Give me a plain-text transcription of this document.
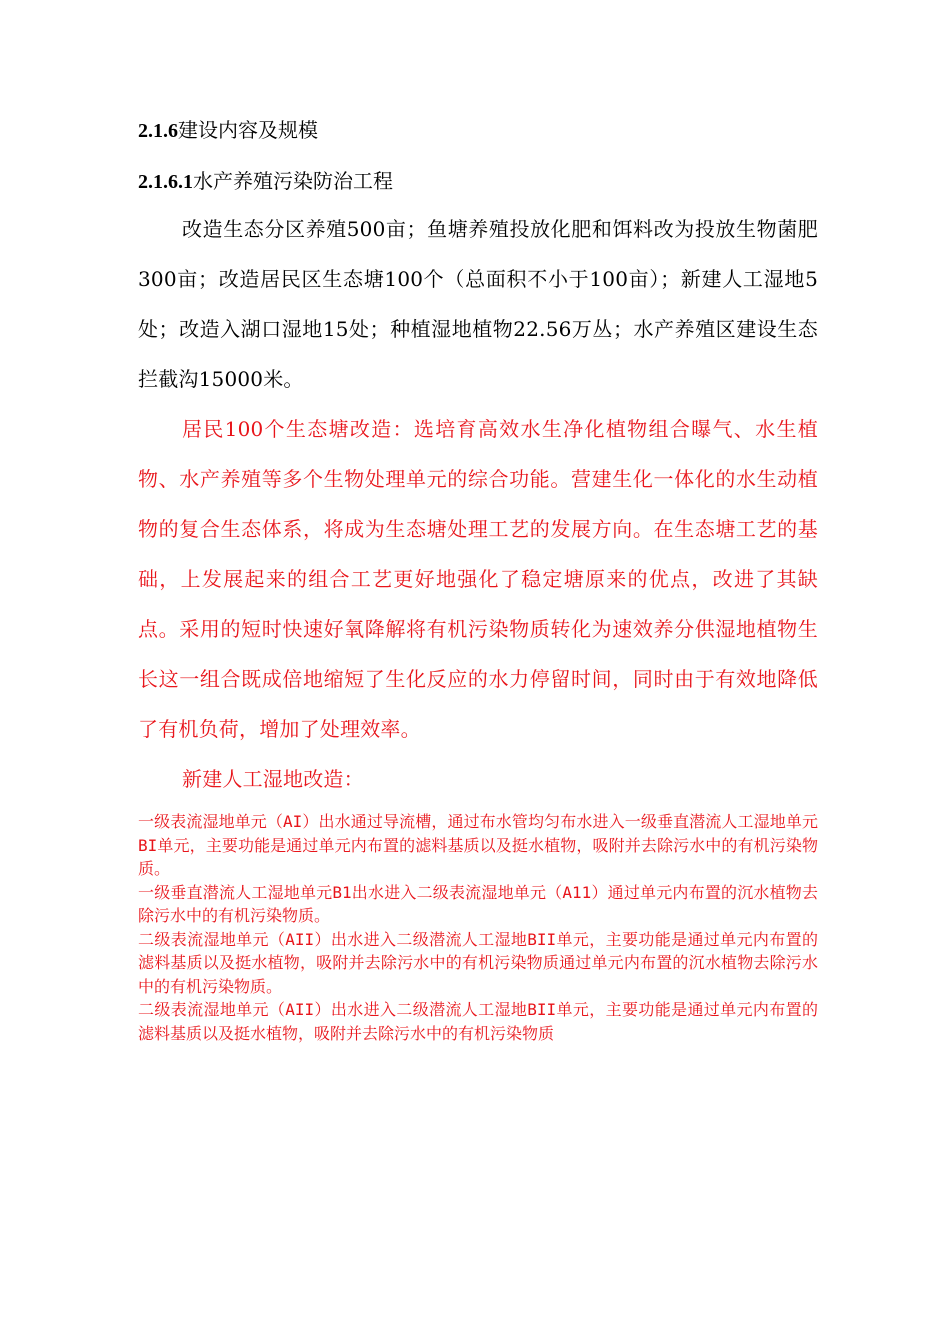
2.1.6建设内容及规模

2.1.6.1水产养殖污染防治工程

改造生态分区养殖500亩；鱼塘养殖投放化肥和饵料改为投放生物菌肥300亩；改造居民区生态塘100个（总面积不小于100亩）；新建人工湿地5处；改造入湖口湿地15处；种植湿地植物22.56万丛；水产养殖区建设生态拦截沟15000米。

居民100个生态塘改造：选培育高效水生净化植物组合曝气、水生植物、水产养殖等多个生物处理单元的综合功能。营建生化一体化的水生动植物的复合生态体系，将成为生态塘处理工艺的发展方向。在生态塘工艺的基础，上发展起来的组合工艺更好地强化了稳定塘原来的优点，改进了其缺点。采用的短时快速好氧降解将有机污染物质转化为速效养分供湿地植物生长这一组合既成倍地缩短了生化反应的水力停留时间，同时由于有效地降低了有机负荷，增加了处理效率。

新建人工湿地改造：

一级表流湿地单元（AI）出水通过导流槽，通过布水管均匀布水进入一级垂直潜流人工湿地单元BI单元，主要功能是通过单元内布置的滤料基质以及挺水植物，吸附并去除污水中的有机污染物质。

一级垂直潜流人工湿地单元B1出水进入二级表流湿地单元（A11）通过单元内布置的沉水植物去除污水中的有机污染物质。

二级表流湿地单元（AII）出水进入二级潜流人工湿地BII单元，主要功能是通过单元内布置的滤料基质以及挺水植物，吸附并去除污水中的有机污染物质通过单元内布置的沉水植物去除污水中的有机污染物质。

二级表流湿地单元（AII）出水进入二级潜流人工湿地BII单元，主要功能是通过单元内布置的滤料基质以及挺水植物，吸附并去除污水中的有机污染物质
